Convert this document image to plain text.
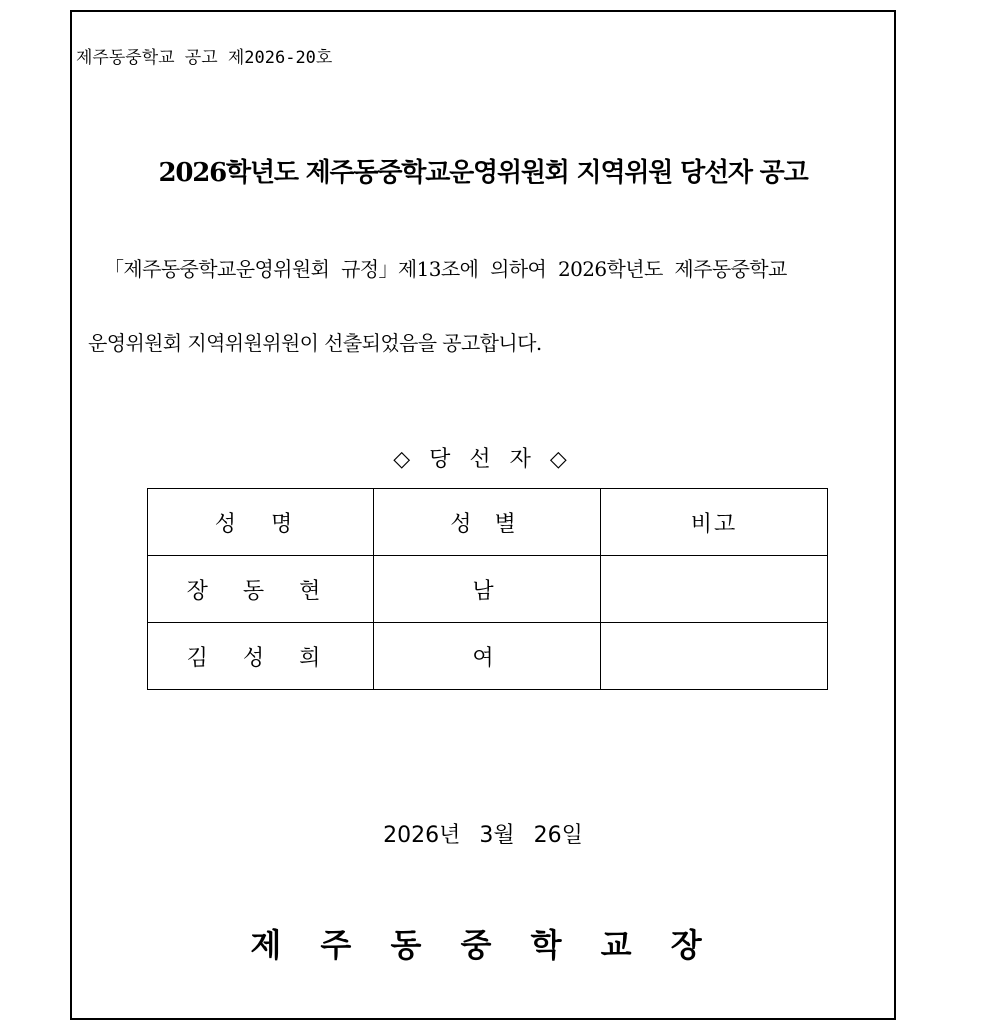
제주동중학교 공고 제2026-20호
2026학년도 제주동중학교운영위원회 지역위원 당선자 공고
「제주동중학교운영위원회 규정」제13조에 의하여 2026학년도 제주동중학교
운영위원회 지역위원위원이 선출되었음을 공고합니다.
◇ 당 선 자 ◇
성 명	성 별	비고
장 동 현	남	
김 성 희	여	
2026년 3월 26일
제 주 동 중 학 교 장
